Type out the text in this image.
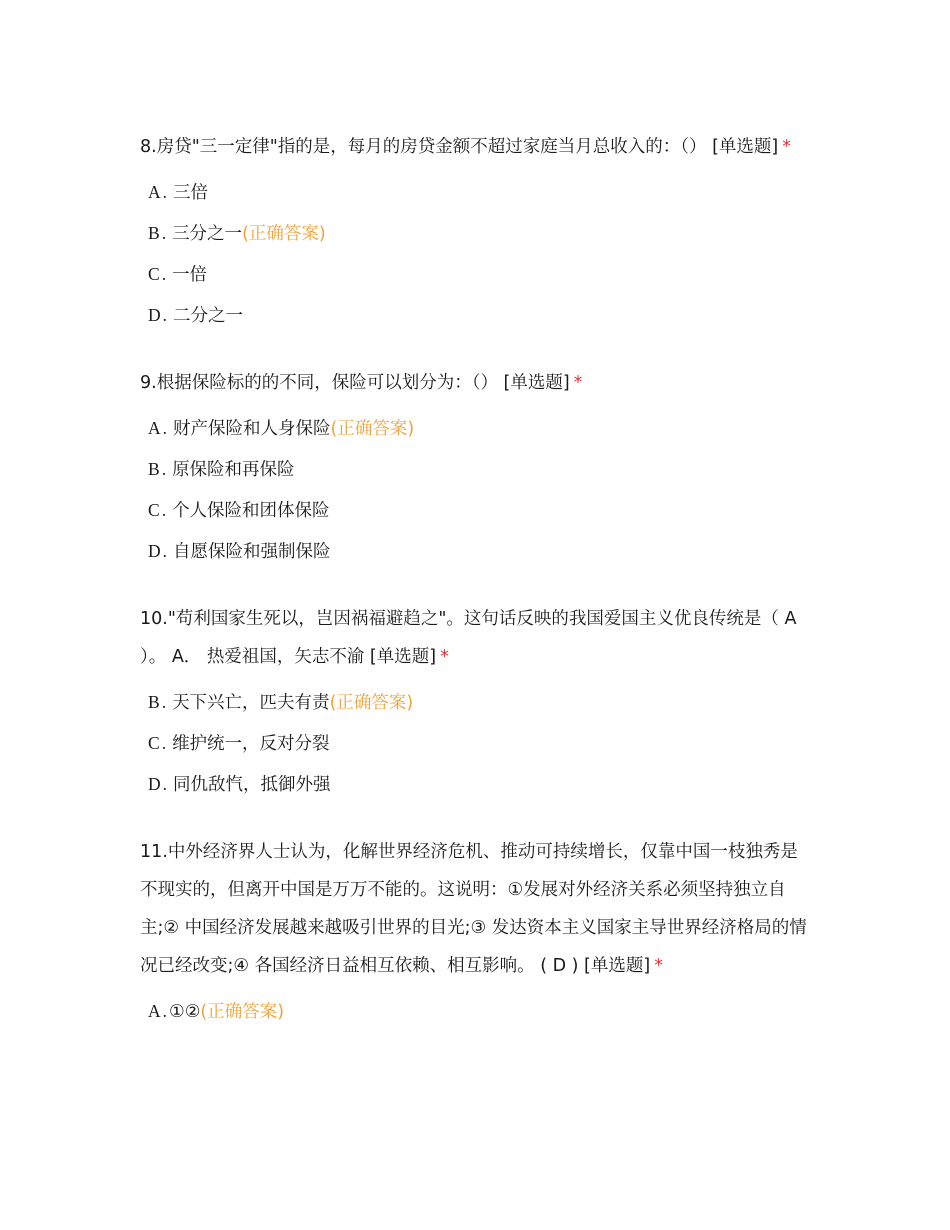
8.房贷"三一定律"指的是，每月的房贷金额不超过家庭当月总收入的：（） [单选题] *

A . 三倍
B . 三分之一(正确答案)
C . 一倍
D . 二分之一

9.根据保险标的的不同，保险可以划分为：（） [单选题] *

A . 财产保险和人身保险(正确答案)
B . 原保险和再保险
C . 个人保险和团体保险
D . 自愿保险和强制保险

10."苟利国家生死以，岂因祸福避趋之"。这句话反映的我国爱国主义优良传统是（ A ）。 A． 热爱祖国，矢志不渝 [单选题] *

B . 天下兴亡，匹夫有责(正确答案)
C . 维护统一，反对分裂
D . 同仇敌忾，抵御外强

11.中外经济界人士认为，化解世界经济危机、推动可持续增长，仅靠中国一枝独秀是不现实的，但离开中国是万万不能的。这说明：①发展对外经济关系必须坚持独立自主;② 中国经济发展越来越吸引世界的目光;③ 发达资本主义国家主导世界经济格局的情况已经改变;④ 各国经济日益相互依赖、相互影响。 ( D ) [单选题] *

A . ①②(正确答案)
